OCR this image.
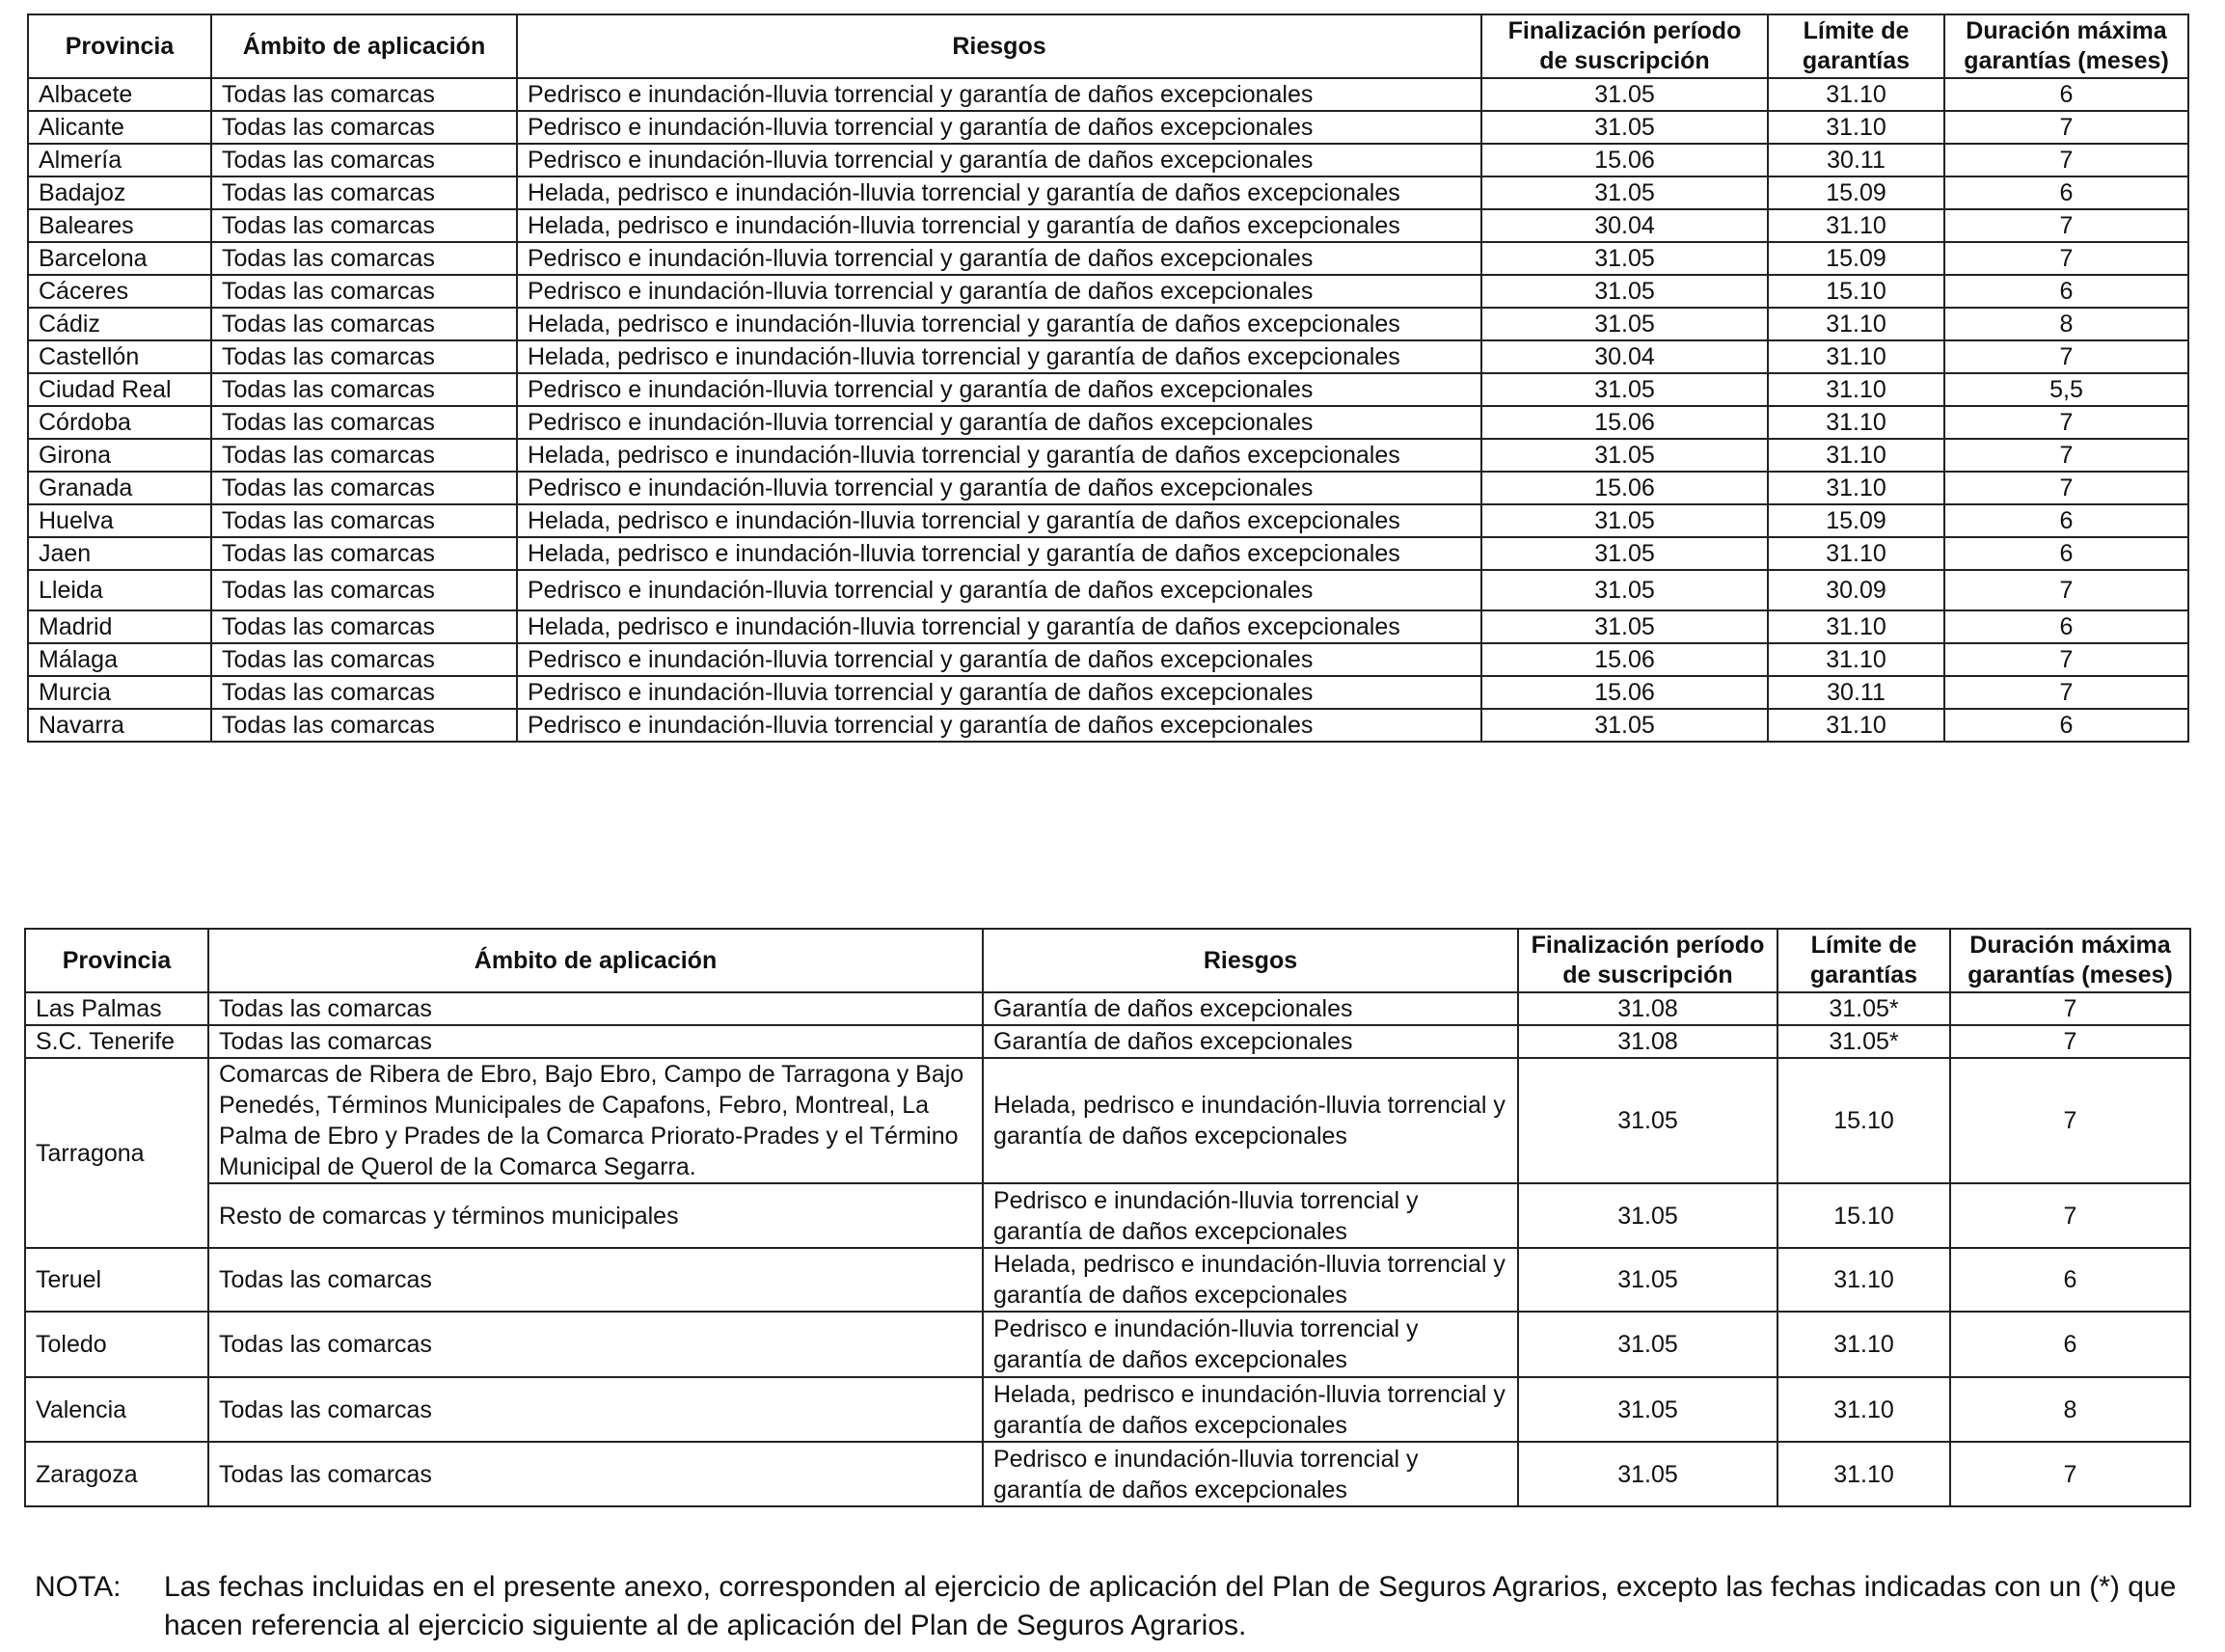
Provincia	Ámbito de aplicación	Riesgos	Finalización período de suscripción	Límite de garantías	Duración máxima garantías (meses)
Albacete	Todas las comarcas	Pedrisco e inundación-lluvia torrencial y garantía de daños excepcionales	31.05	31.10	6
Alicante	Todas las comarcas	Pedrisco e inundación-lluvia torrencial y garantía de daños excepcionales	31.05	31.10	7
Almería	Todas las comarcas	Pedrisco e inundación-lluvia torrencial y garantía de daños excepcionales	15.06	30.11	7
Badajoz	Todas las comarcas	Helada, pedrisco e inundación-lluvia torrencial y garantía de daños excepcionales	31.05	15.09	6
Baleares	Todas las comarcas	Helada, pedrisco e inundación-lluvia torrencial y garantía de daños excepcionales	30.04	31.10	7
Barcelona	Todas las comarcas	Pedrisco e inundación-lluvia torrencial y garantía de daños excepcionales	31.05	15.09	7
Cáceres	Todas las comarcas	Pedrisco e inundación-lluvia torrencial y garantía de daños excepcionales	31.05	15.10	6
Cádiz	Todas las comarcas	Helada, pedrisco e inundación-lluvia torrencial y garantía de daños excepcionales	31.05	31.10	8
Castellón	Todas las comarcas	Helada, pedrisco e inundación-lluvia torrencial y garantía de daños excepcionales	30.04	31.10	7
Ciudad Real	Todas las comarcas	Pedrisco e inundación-lluvia torrencial y garantía de daños excepcionales	31.05	31.10	5,5
Córdoba	Todas las comarcas	Pedrisco e inundación-lluvia torrencial y garantía de daños excepcionales	15.06	31.10	7
Girona	Todas las comarcas	Helada, pedrisco e inundación-lluvia torrencial y garantía de daños excepcionales	31.05	31.10	7
Granada	Todas las comarcas	Pedrisco e inundación-lluvia torrencial y garantía de daños excepcionales	15.06	31.10	7
Huelva	Todas las comarcas	Helada, pedrisco e inundación-lluvia torrencial y garantía de daños excepcionales	31.05	15.09	6
Jaen	Todas las comarcas	Helada, pedrisco e inundación-lluvia torrencial y garantía de daños excepcionales	31.05	31.10	6
Lleida	Todas las comarcas	Pedrisco e inundación-lluvia torrencial y garantía de daños excepcionales	31.05	30.09	7
Madrid	Todas las comarcas	Helada, pedrisco e inundación-lluvia torrencial y garantía de daños excepcionales	31.05	31.10	6
Málaga	Todas las comarcas	Pedrisco e inundación-lluvia torrencial y garantía de daños excepcionales	15.06	31.10	7
Murcia	Todas las comarcas	Pedrisco e inundación-lluvia torrencial y garantía de daños excepcionales	15.06	30.11	7
Navarra	Todas las comarcas	Pedrisco e inundación-lluvia torrencial y garantía de daños excepcionales	31.05	31.10	6
Provincia	Ámbito de aplicación	Riesgos	Finalización período de suscripción	Límite de garantías	Duración máxima garantías (meses)
Las Palmas	Todas las comarcas	Garantía de daños excepcionales	31.08	31.05*	7
S.C. Tenerife	Todas las comarcas	Garantía de daños excepcionales	31.08	31.05*	7
Tarragona	Comarcas de Ribera de Ebro, Bajo Ebro, Campo de Tarragona y Bajo Penedés, Términos Municipales de Capafons, Febro, Montreal, La Palma de Ebro y Prades de la Comarca Priorato-Prades y el Término Municipal de Querol de la Comarca Segarra.	Helada, pedrisco e inundación-lluvia torrencial y garantía de daños excepcionales	31.05	15.10	7
	Resto de comarcas y términos municipales	Pedrisco e inundación-lluvia torrencial y garantía de daños excepcionales	31.05	15.10	7
Teruel	Todas las comarcas	Helada, pedrisco e inundación-lluvia torrencial y garantía de daños excepcionales	31.05	31.10	6
Toledo	Todas las comarcas	Pedrisco e inundación-lluvia torrencial y garantía de daños excepcionales	31.05	31.10	6
Valencia	Todas las comarcas	Helada, pedrisco e inundación-lluvia torrencial y garantía de daños excepcionales	31.05	31.10	8
Zaragoza	Todas las comarcas	Pedrisco e inundación-lluvia torrencial y garantía de daños excepcionales	31.05	31.10	7
NOTA: Las fechas incluidas en el presente anexo, corresponden al ejercicio de aplicación del Plan de Seguros Agrarios, excepto las fechas indicadas con un (*) que hacen referencia al ejercicio siguiente al de aplicación del Plan de Seguros Agrarios.
